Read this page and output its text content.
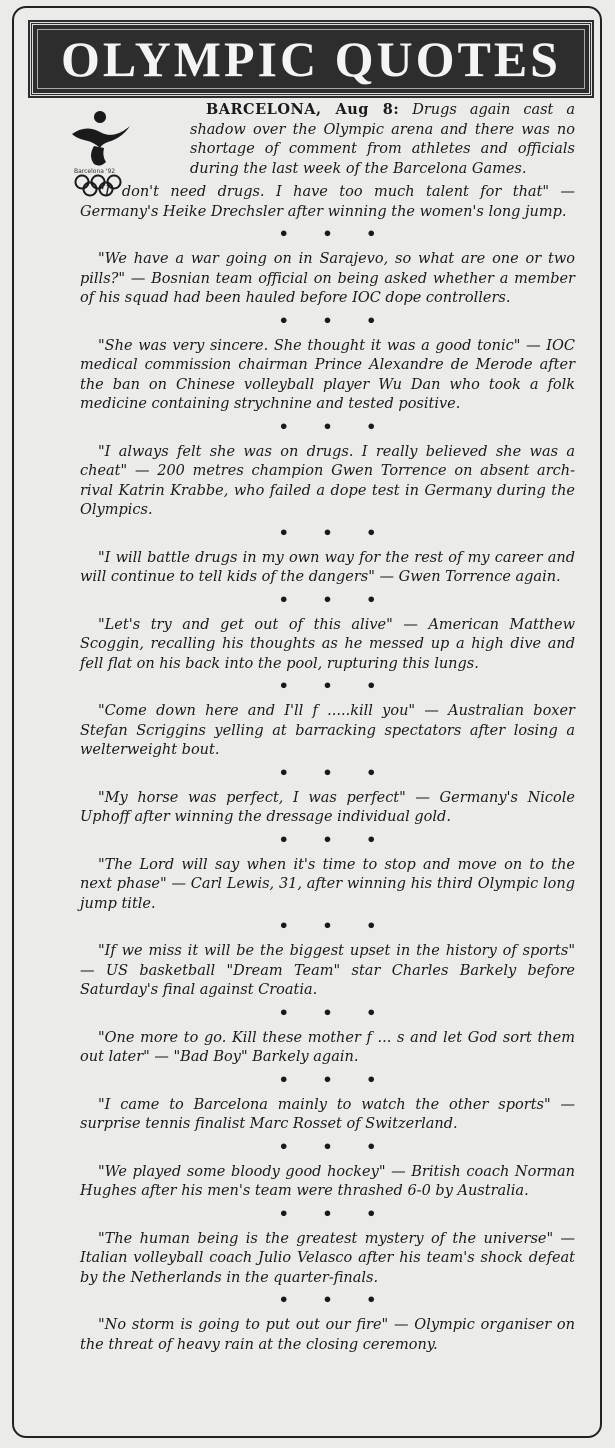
OLYMPIC QUOTES
Barcelona '92

BARCELONA, Aug 8: Drugs again cast a shadow over the Olympic arena and there was no shortage of comment from athletes and officials during the last week of the Barcelona Games.

"I don't need drugs. I have too much talent for that" — Germany's Heike Drechsler after winning the women's long jump.

• • •

"We have a war going on in Sarajevo, so what are one or two pills?" — Bosnian team official on being asked whether a member of his squad had been hauled before IOC dope controllers.

• • •

"She was very sincere. She thought it was a good tonic" — IOC medical commission chairman Prince Alexandre de Merode after the ban on Chinese volleyball player Wu Dan who took a folk medicine containing strychnine and tested positive.

• • •

"I always felt she was on drugs. I really believed she was a cheat" — 200 metres champion Gwen Torrence on absent arch-rival Katrin Krabbe, who failed a dope test in Germany during the Olympics.

• • •

"I will battle drugs in my own way for the rest of my career and will continue to tell kids of the dangers" — Gwen Torrence again.

• • •

"Let's try and get out of this alive" — American Matthew Scoggin, recalling his thoughts as he messed up a high dive and fell flat on his back into the pool, rupturing this lungs.

• • •

"Come down here and I'll f .....kill you" — Australian boxer Stefan Scriggins yelling at barracking spectators after losing a welterweight bout.

• • •

"My horse was perfect, I was perfect" — Germany's Nicole Uphoff after winning the dressage individual gold.

• • •

"The Lord will say when it's time to stop and move on to the next phase" — Carl Lewis, 31, after winning his third Olympic long jump title.

• • •

"If we miss it will be the biggest upset in the history of sports" — US basketball "Dream Team" star Charles Barkely before Saturday's final against Croatia.

• • •

"One more to go. Kill these mother f ... s and let God sort them out later" — "Bad Boy" Barkely again.

• • •

"I came to Barcelona mainly to watch the other sports" — surprise tennis finalist Marc Rosset of Switzerland.

• • •

"We played some bloody good hockey" — British coach Norman Hughes after his men's team were thrashed 6-0 by Australia.

• • •

"The human being is the greatest mystery of the universe" — Italian volleyball coach Julio Velasco after his team's shock defeat by the Netherlands in the quarter-finals.

• • •

"No storm is going to put out our fire" — Olympic organiser on the threat of heavy rain at the closing ceremony.
